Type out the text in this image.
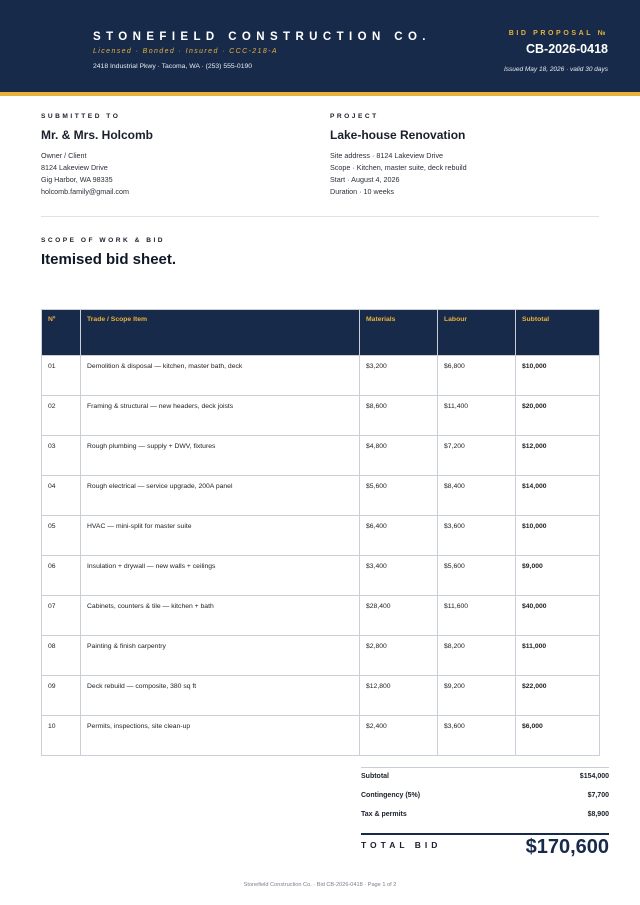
STONEFIELD CONSTRUCTION CO.
Licensed · Bonded · Insured · CCC-218-A
2418 Industrial Pkwy · Tacoma, WA · (253) 555-0190
BID PROPOSAL №
CB-2026-0418
Issued May 18, 2026 · valid 30 days
SUBMITTED TO
Mr. & Mrs. Holcomb
Owner / Client
8124 Lakeview Drive
Gig Harbor, WA 98335
holcomb.family@gmail.com
PROJECT
Lake-house Renovation
Site address · 8124 Lakeview Drive
Scope · Kitchen, master suite, deck rebuild
Start · August 4, 2026
Duration · 10 weeks
SCOPE OF WORK & BID
Itemised bid sheet.
Nº	Trade / Scope Item	Materials	Labour	Subtotal
01	Demolition & disposal — kitchen, master bath, deck	$3,200	$6,800	$10,000
02	Framing & structural — new headers, deck joists	$8,600	$11,400	$20,000
03	Rough plumbing — supply + DWV, fixtures	$4,800	$7,200	$12,000
04	Rough electrical — service upgrade, 200A panel	$5,600	$8,400	$14,000
05	HVAC — mini-split for master suite	$6,400	$3,600	$10,000
06	Insulation + drywall — new walls + ceilings	$3,400	$5,600	$9,000
07	Cabinets, counters & tile — kitchen + bath	$28,400	$11,600	$40,000
08	Painting & finish carpentry	$2,800	$8,200	$11,000
09	Deck rebuild — composite, 380 sq ft	$12,800	$9,200	$22,000
10	Permits, inspections, site clean-up	$2,400	$3,600	$6,000
Subtotal	$154,000
Contingency (5%)	$7,700
Tax & permits	$8,900
TOTAL BID	$170,600
Stonefield Construction Co. · Bid CB-2026-0418 · Page 1 of 2
